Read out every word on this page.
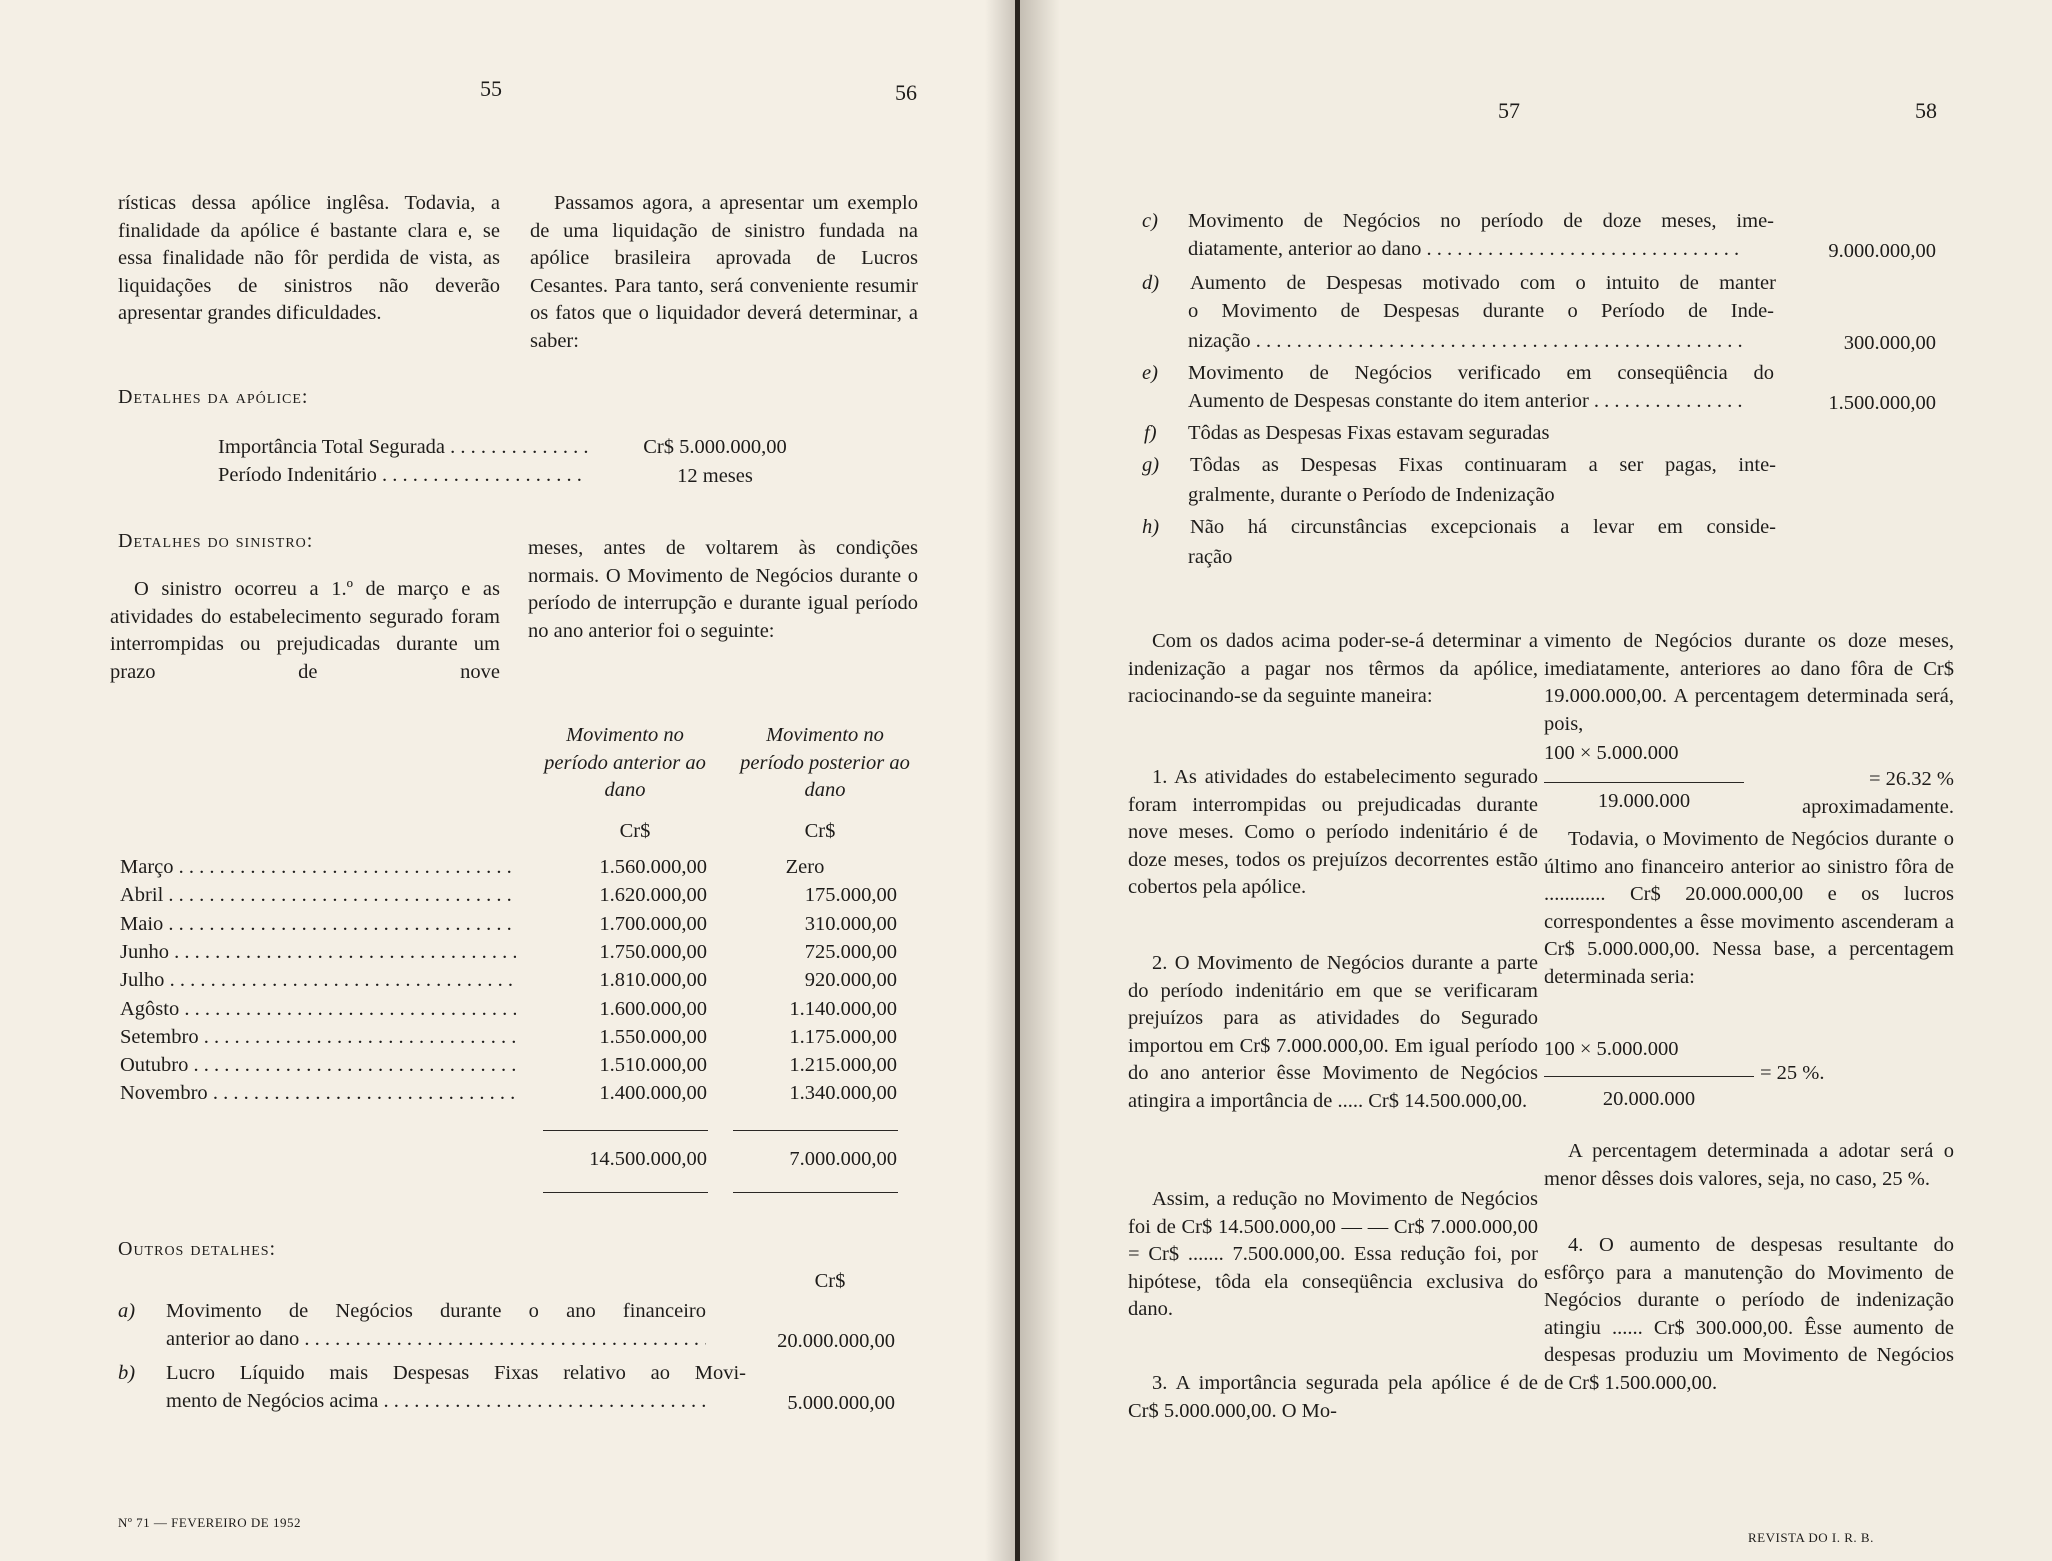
55	56

rísticas dessa apólice inglêsa. Todavia, a finalidade da apólice é bastante clara e, se essa finalidade não fôr perdida de vista, as liquidações de sinistros não deverão apresentar grandes dificuldades.

Passamos agora, a apresentar um exemplo de uma liquidação de sinistro fundada na apólice brasileira aprovada de Lucros Cesantes. Para tanto, será conveniente resumir os fatos que o liquidador deverá determinar, a saber:

Detalhes da apólice:
Importância Total Segurada . . .	Cr$ 5.000.000,00
Período Indenitário . . .	12 meses
Detalhes do sinistro:

O sinistro ocorreu a 1.º de março e as atividades do estabelecimento segurado foram interrompidas ou prejudicadas durante um prazo de nove

meses, antes de voltarem às condições normais. O Movimento de Negócios durante o período de interrupção e durante igual período no ano anterior foi o seguinte:

Movimento no período anterior ao dano
Movimento no período posterior ao dano
Cr$	Cr$
Março . . .	1.560.000,00	Zero
Abril . . .	1.620.000,00	175.000,00
Maio . . .	1.700.000,00	310.000,00
Junho . . .	1.750.000,00	725.000,00
Julho . . .	1.810.000,00	920.000,00
Agôsto . . .	1.600.000,00	1.140.000,00
Setembro . . .	1.550.000,00	1.175.000,00
Outubro . . .	1.510.000,00	1.215.000,00
Novembro . . .	1.400.000,00	1.340.000,00
14.500.000,00	7.000.000,00
Outros detalhes:
Cr$
a) Movimento de Negócios durante o ano financeiro
anterior ao dano . . .	20.000.000,00
b) Lucro Líquido mais Despesas Fixas relativo ao Movi-
mento de Negócios acima . . .	5.000.000,00
Nº 71 — FEVEREIRO DE 1952
57	58
c) Movimento de Negócios no período de doze meses, ime-
diatamente, anterior ao dano . . .	9.000.000,00
d) Aumento de Despesas motivado com o intuito de manter
o Movimento de Despesas durante o Período de Inde-
nização . . .	300.000,00
e) Movimento de Negócios verificado em conseqüência do
Aumento de Despesas constante do item anterior . . .	1.500.000,00
f) Tôdas as Despesas Fixas estavam seguradas
g) Tôdas as Despesas Fixas continuaram a ser pagas, inte-
gralmente, durante o Período de Indenização
h) Não há circunstâncias excepcionais a levar em conside-
ração

Com os dados acima poder-se-á determinar a indenização a pagar nos têrmos da apólice, raciocinando-se da seguinte maneira:

1. As atividades do estabelecimento segurado foram interrompidas ou prejudicadas durante nove meses. Como o período indenitário é de doze meses, todos os prejuízos decorrentes estão cobertos pela apólice.

2. O Movimento de Negócios durante a parte do período indenitário em que se verificaram prejuízos para as atividades do Segurado importou em Cr$ 7.000.000,00. Em igual período do ano anterior êsse Movimento de Negócios atingira a importância de ..... Cr$ 14.500.000,00.

Assim, a redução no Movimento de Negócios foi de Cr$ 14.500.000,00 — — Cr$ 7.000.000,00 = Cr$ ....... 7.500.000,00. Essa redução foi, por hipótese, tôda ela conseqüência exclusiva do dano.

3. A importância segurada pela apólice é de Cr$ 5.000.000,00. O Mo-

vimento de Negócios durante os doze meses, imediatamente, anteriores ao dano fôra de Cr$ 19.000.000,00. A percentagem determinada será, pois,

100 × 5.000.000
19.000.000
= 26.32 % aproximadamente.

Todavia, o Movimento de Negócios durante o último ano financeiro anterior ao sinistro fôra de ............ Cr$ 20.000.000,00 e os lucros correspondentes a êsse movimento ascenderam a Cr$ 5.000.000,00. Nessa base, a percentagem determinada seria:

100 × 5.000.000
20.000.000
= 25 %.

A percentagem determinada a adotar será o menor dêsses dois valores, seja, no caso, 25 %.

4. O aumento de despesas resultante do esfôrço para a manutenção do Movimento de Negócios durante o período de indenização atingiu ...... Cr$ 300.000,00. Êsse aumento de despesas produziu um Movimento de Negócios de Cr$ 1.500.000,00.

REVISTA DO I. R. B.
